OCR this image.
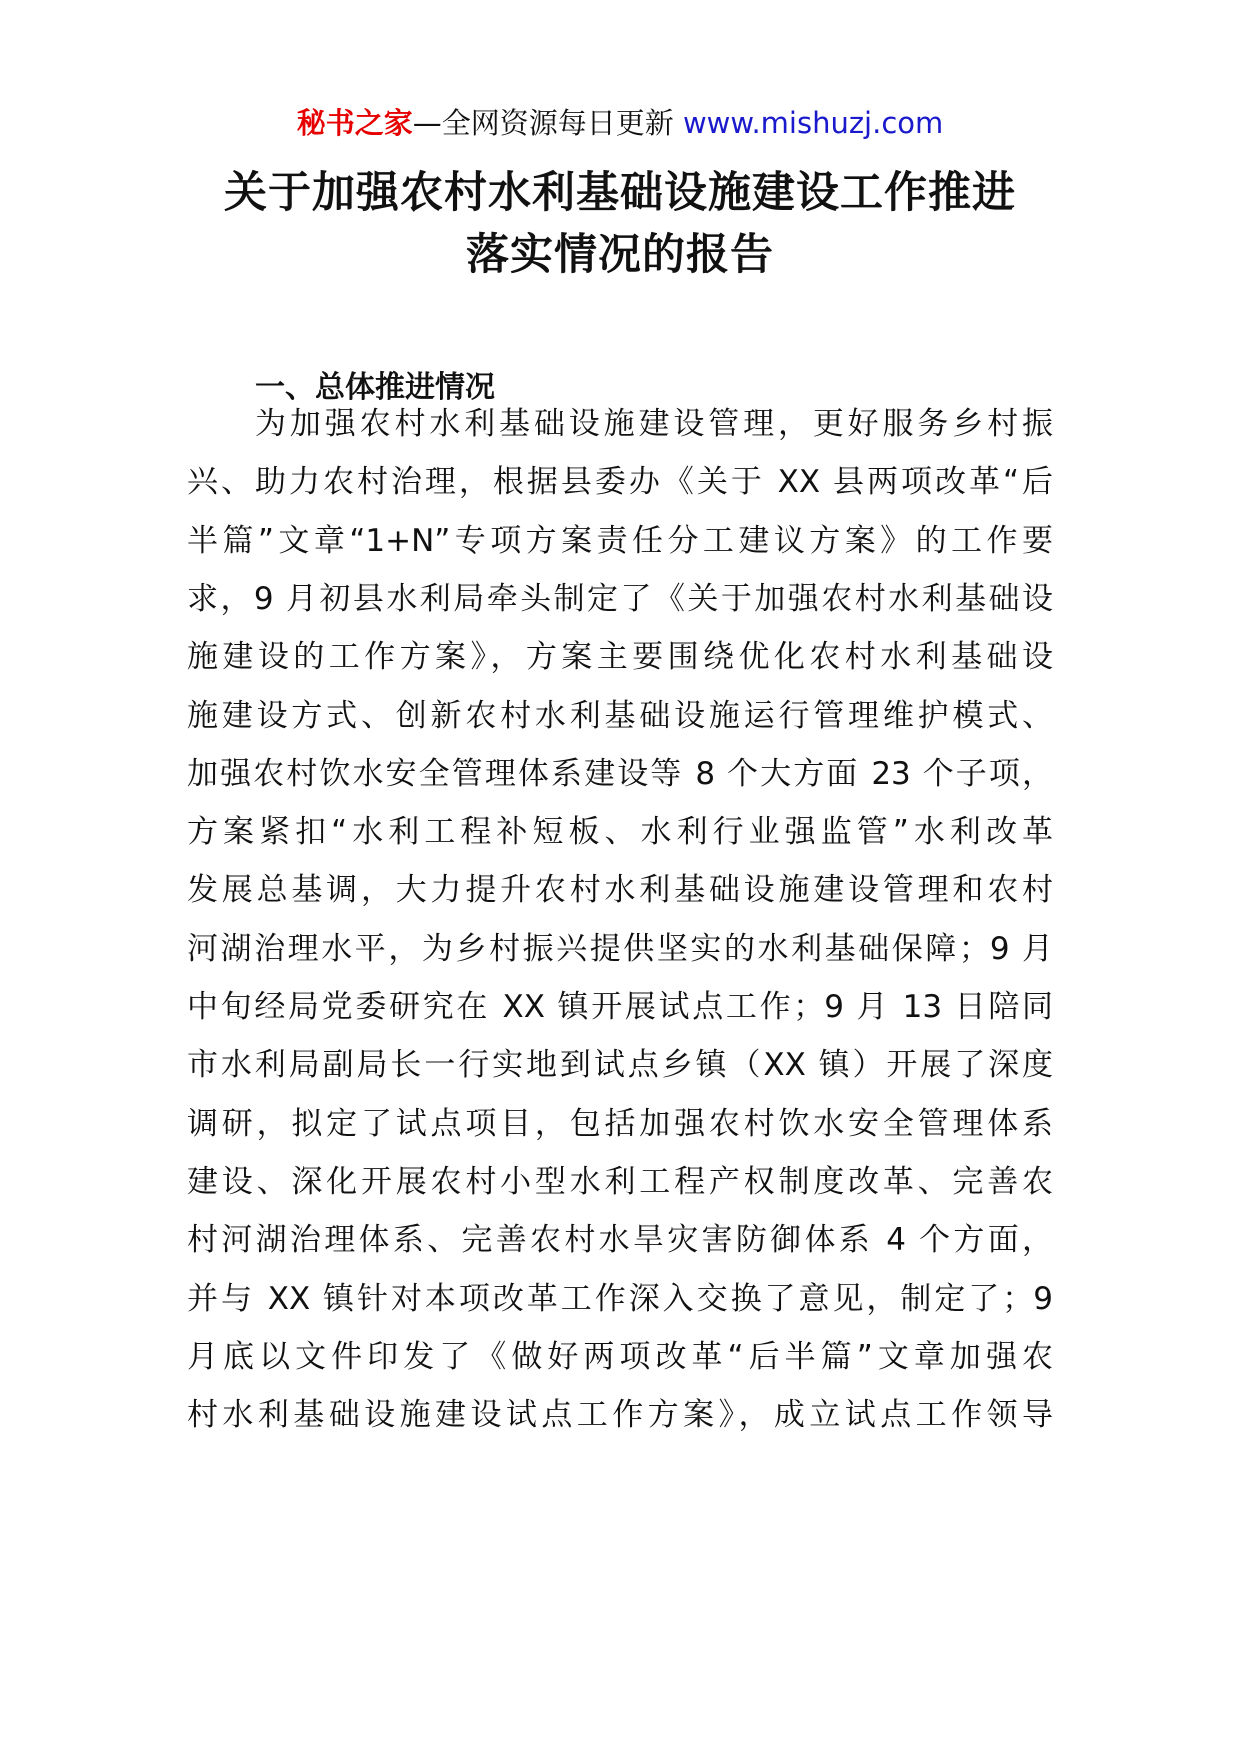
秘书之家—全网资源每日更新 www.mishuzj.com
关于加强农村水利基础设施建设工作推进
落实情况的报告
一、总体推进情况
为加强农村水利基础设施建设管理，更好服务乡村振
兴、助力农村治理，根据县委办《关于 XX 县两项改革“后
半篇”文章“1+N”专项方案责任分工建议方案》的工作要
求，9 月初县水利局牵头制定了《关于加强农村水利基础设
施建设的工作方案》，方案主要围绕优化农村水利基础设
施建设方式、创新农村水利基础设施运行管理维护模式、
加强农村饮水安全管理体系建设等 8 个大方面 23 个子项，
方案紧扣“水利工程补短板、水利行业强监管”水利改革
发展总基调，大力提升农村水利基础设施建设管理和农村
河湖治理水平，为乡村振兴提供坚实的水利基础保障；9 月
中旬经局党委研究在 XX 镇开展试点工作；9 月 13 日陪同
市水利局副局长一行实地到试点乡镇（XX 镇）开展了深度
调研，拟定了试点项目，包括加强农村饮水安全管理体系
建设、深化开展农村小型水利工程产权制度改革、完善农
村河湖治理体系、完善农村水旱灾害防御体系 4 个方面，
并与 XX 镇针对本项改革工作深入交换了意见，制定了；9
月底以文件印发了《做好两项改革“后半篇”文章加强农
村水利基础设施建设试点工作方案》，成立试点工作领导
